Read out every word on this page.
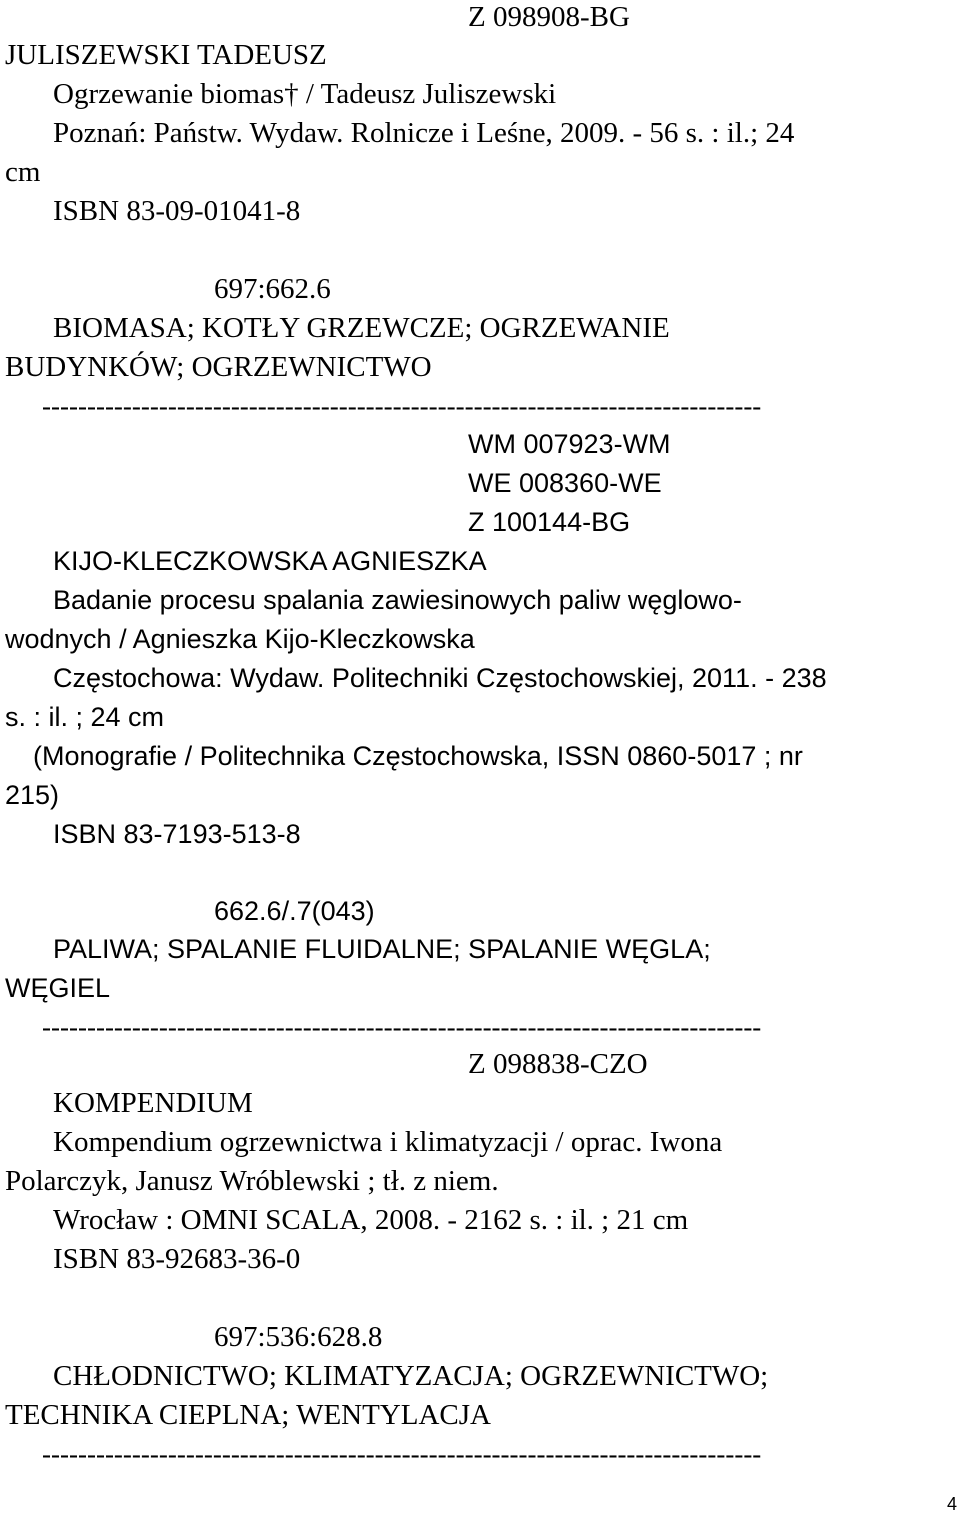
Z 098908-BG
JULISZEWSKI TADEUSZ
Ogrzewanie biomas† / Tadeusz Juliszewski
Poznań: Państw. Wydaw. Rolnicze i Leśne, 2009. - 56 s. : il.; 24
cm
ISBN 83-09-01041-8
697:662.6
BIOMASA; KOTŁY GRZEWCZE; OGRZEWANIE
BUDYNKÓW; OGRZEWNICTWO
--------------------------------------------------------------------------------
WM 007923-WM
WE 008360-WE
Z 100144-BG
KIJO-KLECZKOWSKA AGNIESZKA
Badanie procesu spalania zawiesinowych paliw węglowo-
wodnych / Agnieszka Kijo-Kleczkowska
Częstochowa: Wydaw. Politechniki Częstochowskiej, 2011. - 238
s. : il. ; 24 cm
(Monografie / Politechnika Częstochowska, ISSN 0860-5017 ; nr
215)
ISBN 83-7193-513-8
662.6/.7(043)
PALIWA; SPALANIE FLUIDALNE; SPALANIE WĘGLA;
WĘGIEL
--------------------------------------------------------------------------------
Z 098838-CZO
KOMPENDIUM
Kompendium ogrzewnictwa i klimatyzacji / oprac. Iwona
Polarczyk, Janusz Wróblewski ; tł. z niem.
Wrocław : OMNI SCALA, 2008. - 2162 s. : il. ; 21 cm
ISBN 83-92683-36-0
697:536:628.8
CHŁODNICTWO; KLIMATYZACJA; OGRZEWNICTWO;
TECHNIKA CIEPLNA; WENTYLACJA
--------------------------------------------------------------------------------
4
